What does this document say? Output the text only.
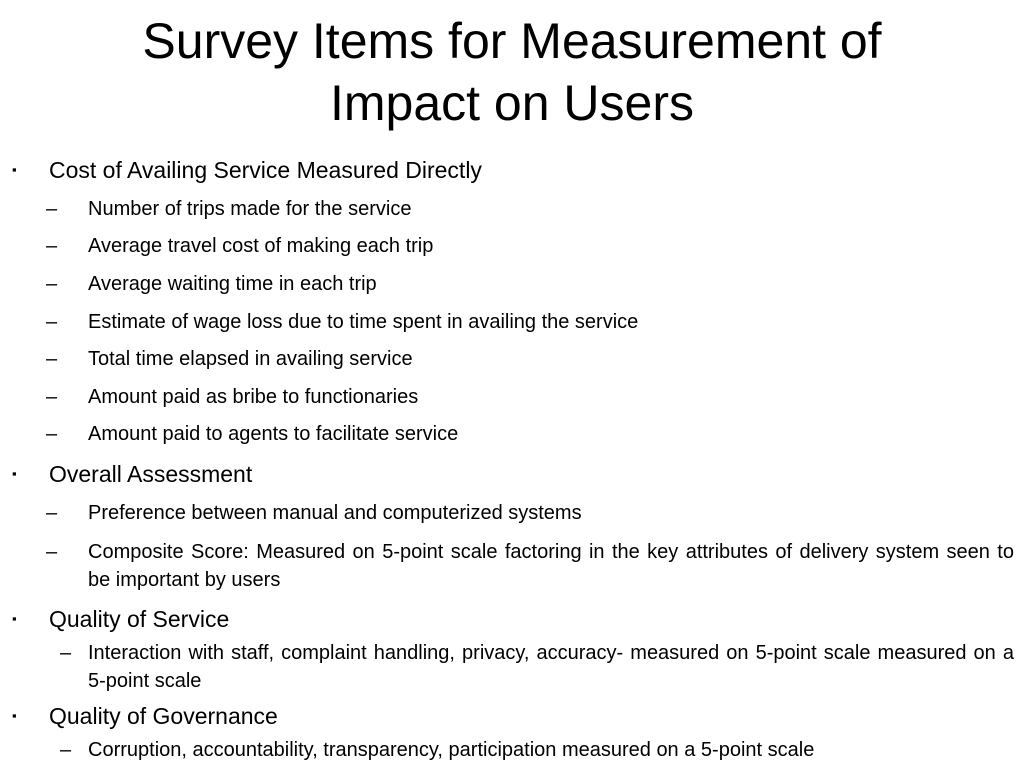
Survey Items for Measurement of
Impact on Users
▪ Cost of Availing Service Measured Directly
– Number of trips made for the service
– Average travel cost of making each trip
– Average waiting time in each trip
– Estimate of wage loss due to time spent in availing the service
– Total time elapsed in availing service
– Amount paid as bribe to functionaries
– Amount paid to agents to facilitate service
▪ Overall Assessment
– Preference between manual and computerized systems
– Composite Score: Measured on 5-point scale factoring in the key attributes of delivery system seen to be important by users
▪ Quality of Service
– Interaction with staff, complaint handling, privacy, accuracy- measured on 5-point scale measured on a 5-point scale
▪ Quality of Governance
– Corruption, accountability, transparency, participation measured on a 5-point scale
